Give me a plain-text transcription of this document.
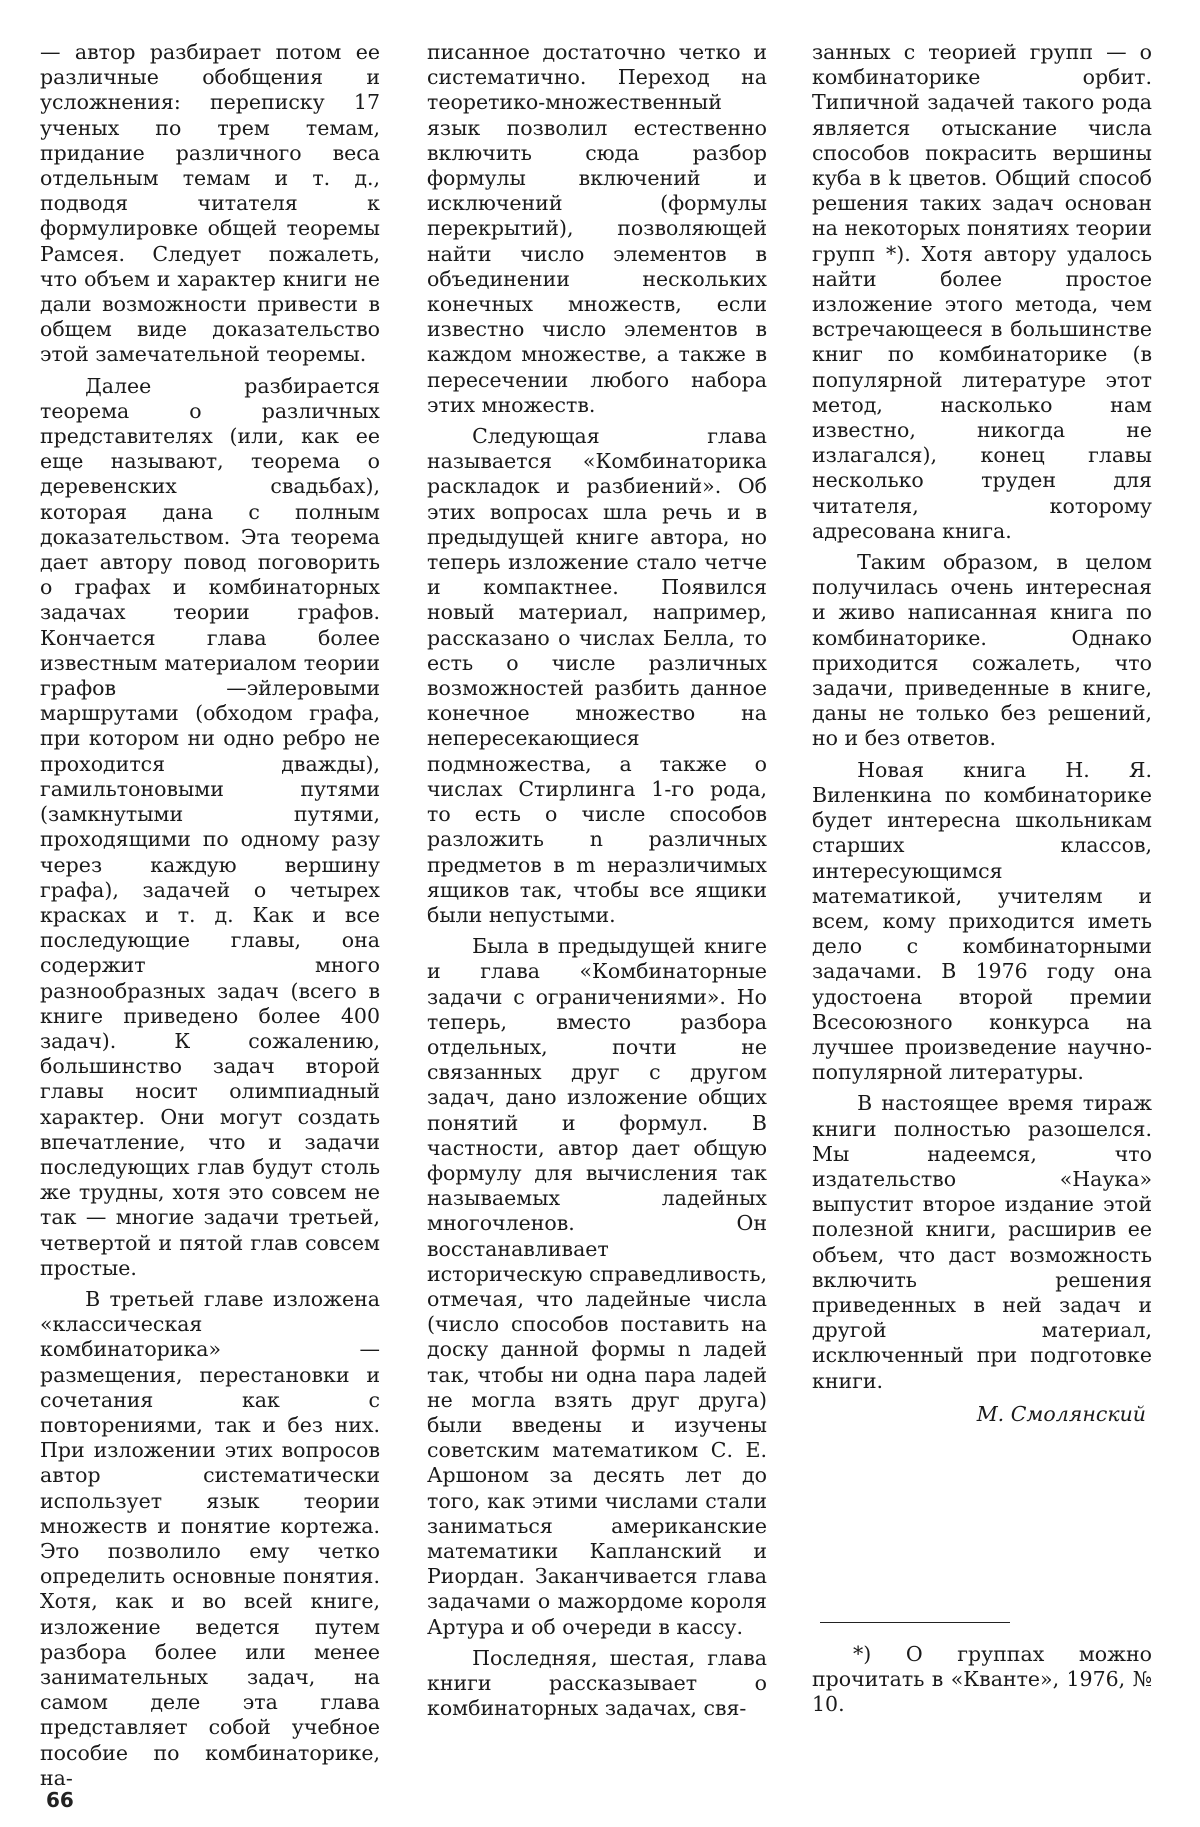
— автор разбирает потом ее различные обобщения и усложнения: переписку 17 ученых по трем темам, придание различного веса отдельным темам и т. д., подводя читателя к формулировке общей теоремы Рамсея. Следует пожалеть, что объем и характер книги не дали возможности привести в общем виде доказательство этой замечательной теоремы.

Далее разбирается теорема о различных представителях (или, как ее еще называют, теорема о деревенских свадьбах), которая дана с полным доказательством. Эта теорема дает автору повод поговорить о графах и комбинаторных задачах теории графов. Кончается глава более известным материалом теории графов —эйлеровыми маршрутами (обходом графа, при котором ни одно ребро не проходится дважды), гамильтоновыми путями (замкнутыми путями, проходящими по одному разу через каждую вершину графа), задачей о четырех красках и т. д. Как и все последующие главы, она содержит много разнообразных задач (всего в книге приведено более 400 задач). К сожалению, большинство задач второй главы носит олимпиадный характер. Они могут создать впечатление, что и задачи последующих глав будут столь же трудны, хотя это совсем не так — многие задачи третьей, четвертой и пятой глав совсем простые.

В третьей главе изложена «классическая комбинаторика» — размещения, перестановки и сочетания как с повторениями, так и без них. При изложении этих вопросов автор систематически использует язык теории множеств и понятие кортежа. Это позволило ему четко определить основные понятия. Хотя, как и во всей книге, изложение ведется путем разбора более или менее занимательных задач, на самом деле эта глава представляет собой учебное пособие по комбинаторике, на-

писанное достаточно четко и систематично. Переход на теоретико-множественный язык позволил естественно включить сюда разбор формулы включений и исключений (формулы перекрытий), позволяющей найти число элементов в объединении нескольких конечных множеств, если известно число элементов в каждом множестве, а также в пересечении любого набора этих множеств.

Следующая глава называется «Комбинаторика раскладок и разбиений». Об этих вопросах шла речь и в предыдущей книге автора, но теперь изложение стало четче и компактнее. Появился новый материал, например, рассказано о числах Белла, то есть о числе различных возможностей разбить данное конечное множество на непересекающиеся подмножества, а также о числах Стирлинга 1-го рода, то есть о числе способов разложить n различных предметов в m неразличимых ящиков так, чтобы все ящики были непустыми.

Была в предыдущей книге и глава «Комбинаторные задачи с ограничениями». Но теперь, вместо разбора отдельных, почти не связанных друг с другом задач, дано изложение общих понятий и формул. В частности, автор дает общую формулу для вычисления так называемых ладейных многочленов. Он восстанавливает историческую справедливость, отмечая, что ладейные числа (число способов поставить на доску данной формы n ладей так, чтобы ни одна пара ладей не могла взять друг друга) были введены и изучены советским математиком С. Е. Аршоном за десять лет до того, как этими числами стали заниматься американские математики Капланский и Риордан. Заканчивается глава задачами о мажордоме короля Артура и об очереди в кассу.

Последняя, шестая, глава книги рассказывает о комбинаторных задачах, свя-

занных с теорией групп — о комбинаторике орбит. Типичной задачей такого рода является отыскание числа способов покрасить вершины куба в k цветов. Общий способ решения таких задач основан на некоторых понятиях теории групп *). Хотя автору удалось найти более простое изложение этого метода, чем встречающееся в большинстве книг по комбинаторике (в популярной литературе этот метод, насколько нам известно, никогда не излагался), конец главы несколько труден для читателя, которому адресована книга.

Таким образом, в целом получилась очень интересная и живо написанная книга по комбинаторике. Однако приходится сожалеть, что задачи, приведенные в книге, даны не только без решений, но и без ответов.

Новая книга Н. Я. Виленкина по комбинаторике будет интересна школьникам старших классов, интересующимся математикой, учителям и всем, кому приходится иметь дело с комбинаторными задачами. В 1976 году она удостоена второй премии Всесоюзного конкурса на лучшее произведение научно-популярной литературы.

В настоящее время тираж книги полностью разошелся. Мы надеемся, что издательство «Наука» выпустит второе издание этой полезной книги, расширив ее объем, что даст возможность включить решения приведенных в ней задач и другой материал, исключенный при подготовке книги.

М. Смолянский

*) О группах можно прочитать в «Кванте», 1976, № 10.

66
